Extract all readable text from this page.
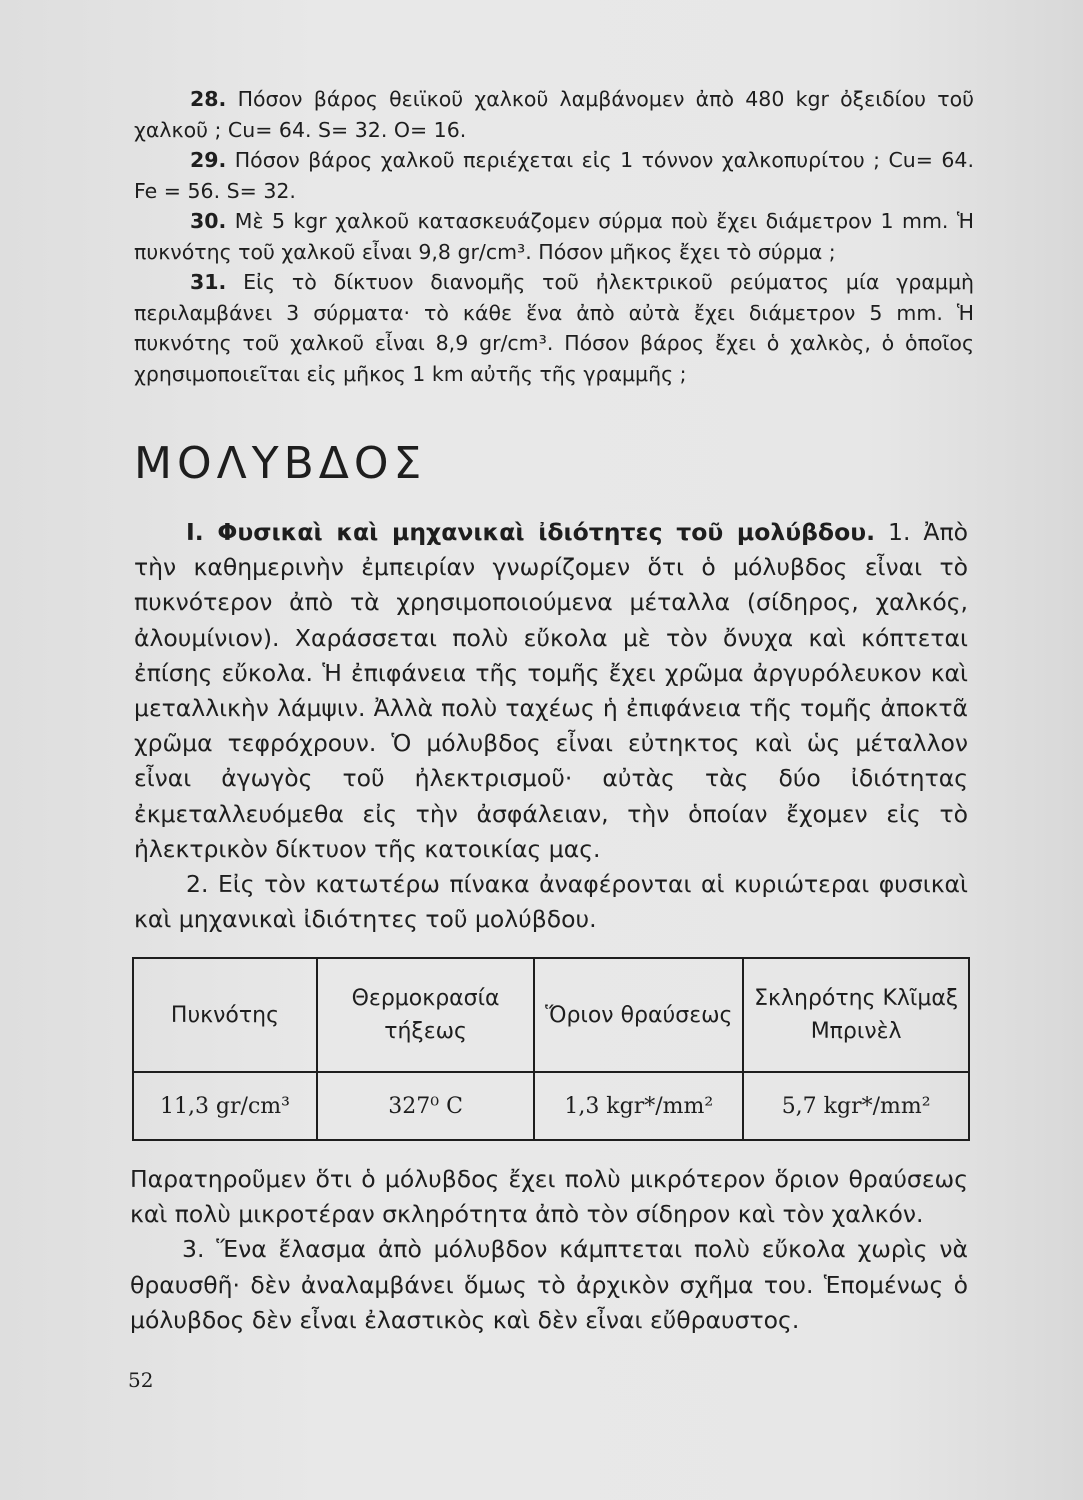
28. Πόσον βάρος θειϊκοῦ χαλκοῦ λαμβάνομεν ἀπὸ 480 kgr ὀξειδίου τοῦ χαλκοῦ ; Cu= 64. S= 32. O= 16.

29. Πόσον βάρος χαλκοῦ περιέχεται εἰς 1 τόννον χαλκοπυρίτου ; Cu= 64. Fe = 56. S= 32.

30. Μὲ 5 kgr χαλκοῦ κατασκευάζομεν σύρμα ποὺ ἔχει διάμετρον 1 mm. Ἡ πυκνότης τοῦ χαλκοῦ εἶναι 9,8 gr/cm³. Πόσον μῆκος ἔχει τὸ σύρμα ;

31. Εἰς τὸ δίκτυον διανομῆς τοῦ ἠλεκτρικοῦ ρεύματος μία γραμμὴ περιλαμβάνει 3 σύρματα· τὸ κάθε ἕνα ἀπὸ αὐτὰ ἔχει διάμετρον 5 mm. Ἡ πυκνότης τοῦ χαλκοῦ εἶναι 8,9 gr/cm³. Πόσον βάρος ἔχει ὁ χαλκὸς, ὁ ὁποῖος χρησιμοποιεῖται εἰς μῆκος 1 km αὐτῆς τῆς γραμμῆς ;

ΜΟΛΥΒΔΟΣ

Ι. Φυσικαὶ καὶ μηχανικαὶ ἰδιότητες τοῦ μολύβδου. 1. Ἀπὸ τὴν καθημερινὴν ἐμπειρίαν γνωρίζομεν ὅτι ὁ μόλυβδος εἶναι τὸ πυκνότερον ἀπὸ τὰ χρησιμοποιούμενα μέταλλα (σίδηρος, χαλκός, ἀλουμίνιον). Χαράσσεται πολὺ εὔκολα μὲ τὸν ὄνυχα καὶ κόπτεται ἐπίσης εὔκολα. Ἡ ἐπιφάνεια τῆς τομῆς ἔχει χρῶμα ἀργυρόλευκον καὶ μεταλλικὴν λάμψιν. Ἀλλὰ πολὺ ταχέως ἡ ἐπιφάνεια τῆς τομῆς ἀποκτᾶ χρῶμα τεφρόχρουν. Ὁ μόλυβδος εἶναι εὐτηκτος καὶ ὡς μέταλλον εἶναι ἀγωγὸς τοῦ ἠλεκτρισμοῦ· αὐτὰς τὰς δύο ἰδιότητας ἐκμεταλλευόμεθα εἰς τὴν ἀσφάλειαν, τὴν ὁποίαν ἔχομεν εἰς τὸ ἠλεκτρικὸν δίκτυον τῆς κατοικίας μας.

2. Εἰς τὸν κατωτέρω πίνακα ἀναφέρονται αἱ κυριώτεραι φυσικαὶ καὶ μηχανικαὶ ἰδιότητες τοῦ μολύβδου.

Πυκνότης	Θερμοκρασία τήξεως	Ὅριον θραύσεως	Σκληρότης Κλῖμαξ Μπρινὲλ
11,3 gr/cm³	327⁰ C	1,3 kgr*/mm²	5,7 kgr*/mm²

Παρατηροῦμεν ὅτι ὁ μόλυβδος ἔχει πολὺ μικρότερον ὅριον θραύσεως καὶ πολὺ μικροτέραν σκληρότητα ἀπὸ τὸν σίδηρον καὶ τὸν χαλκόν.

3. Ἕνα ἔλασμα ἀπὸ μόλυβδον κάμπτεται πολὺ εὔκολα χωρὶς νὰ θραυσθῆ· δὲν ἀναλαμβάνει ὅμως τὸ ἀρχικὸν σχῆμα του. Ἑπομένως ὁ μόλυβδος δὲν εἶναι ἐλαστικὸς καὶ δὲν εἶναι εὔθραυστος.

52
